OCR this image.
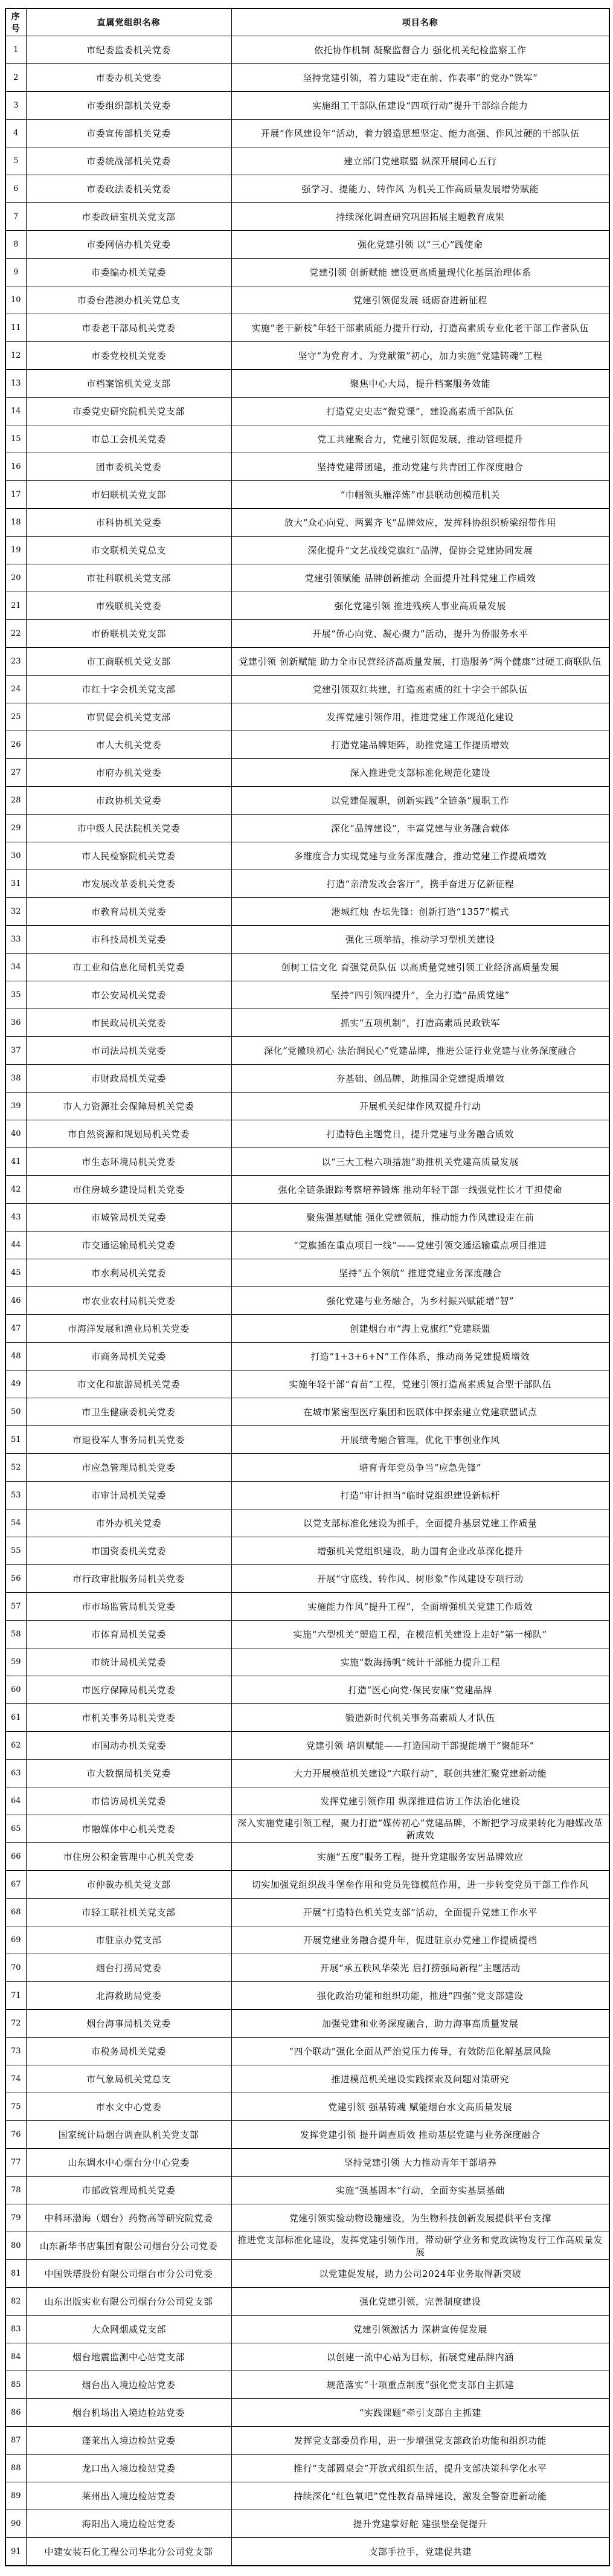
序号	直属党组织名称	项目名称
1	市纪委监委机关党委	依托协作机制 凝聚监督合力 强化机关纪检监察工作
2	市委办机关党委	坚持党建引领，着力建设“走在前、作表率”的党办“铁军”
3	市委组织部机关党委	实施组工干部队伍建设“四项行动”提升干部综合能力
4	市委宣传部机关党委	开展“作风建设年”活动，着力锻造思想坚定、能力高强、作风过硬的干部队伍
5	市委统战部机关党委	建立部门党建联盟 纵深开展同心五行
6	市委政法委机关党委	强学习、提能力、转作风 为机关工作高质量发展增势赋能
7	市委政研室机关党支部	持续深化调查研究巩固拓展主题教育成果
8	市委网信办机关党委	强化党建引领 以“三心”践使命
9	市委编办机关党委	党建引领 创新赋能 建设更高质量现代化基层治理体系
10	市委台港澳办机关党总支	党建引领促发展 砥砺奋进新征程
11	市委老干部局机关党委	实施“老干新枝”年轻干部素质能力提升行动，打造高素质专业化老干部工作者队伍
12	市委党校机关党委	坚守“为党育才、为党献策”初心，加力实施“党建铸魂”工程
13	市档案馆机关党支部	聚焦中心大局，提升档案服务效能
14	市委党史研究院机关党支部	打造党史史志“微党课”，建设高素质干部队伍
15	市总工会机关党委	党工共建聚合力，党建引领促发展，推动管理提升
16	团市委机关党委	坚持党建带团建，推动党建与共青团工作深度融合
17	市妇联机关党支部	“巾帼领头雁淬炼”市县联动创模范机关
18	市科协机关党委	放大“众心向党、两翼齐飞”品牌效应，发挥科协组织桥梁纽带作用
19	市文联机关党总支	深化提升“文艺战线党旗红”品牌，促协会党建协同发展
20	市社科联机关党支部	党建引领赋能 品牌创新推动 全面提升社科党建工作质效
21	市残联机关党委	强化党建引领 推进残疾人事业高质量发展
22	市侨联机关党支部	开展“侨心向党、凝心聚力”活动，提升为侨服务水平
23	市工商联机关党支部	党建引领 创新赋能 助力全市民营经济高质量发展，打造服务“两个健康”过硬工商联队伍
24	市红十字会机关党支部	党建引领双红共建，打造高素质的红十字会干部队伍
25	市贸促会机关党支部	发挥党建引领作用，推进党建工作规范化建设
26	市人大机关党委	打造党建品牌矩阵，助推党建工作提质增效
27	市府办机关党委	深入推进党支部标准化规范化建设
28	市政协机关党委	以党建促履职，创新实践“全链条”履职工作
29	市中级人民法院机关党委	深化“品牌建设”，丰富党建与业务融合载体
30	市人民检察院机关党委	多维度合力实现党建与业务深度融合，推动党建工作提质增效
31	市发展改革委机关党委	打造“亲清发改会客厅”，携手奋进万亿新征程
32	市教育局机关党委	港城红烛 杏坛先锋：创新打造“1357”模式
33	市科技局机关党委	强化三项举措，推动学习型机关建设
34	市工业和信息化局机关党委	创树工信文化 育强党员队伍 以高质量党建引领工业经济高质量发展
35	市公安局机关党委	坚持“四引领四提升”，全力打造“品质党建”
36	市民政局机关党委	抓实“五项机制”，打造高素质民政铁军
37	市司法局机关党委	深化“党徽映初心 法治润民心”党建品牌，推进公证行业党建与业务深度融合
38	市财政局机关党委	夯基础、创品牌，助推国企党建提质增效
39	市人力资源社会保障局机关党委	开展机关纪律作风双提升行动
40	市自然资源和规划局机关党委	打造特色主题党日，提升党建与业务融合质效
41	市生态环境局机关党委	以“三大工程六项措施”助推机关党建高质量发展
42	市住房城乡建设局机关党委	强化全链条跟踪考察培养锻炼 推动年轻干部一线强党性长才干担使命
43	市城管局机关党委	聚焦强基赋能 强化党建领航，推动能力作风建设走在前
44	市交通运输局机关党委	“党旗插在重点项目一线”——党建引领交通运输重点项目推进
45	市水利局机关党委	坚持“五个领航” 推进党建业务深度融合
46	市农业农村局机关党委	强化党建与业务融合，为乡村振兴赋能增“智”
47	市海洋发展和渔业局机关党委	创建烟台市“海上党旗红”党建联盟
48	市商务局机关党委	打造“1+3+6+N”工作体系，推动商务党建提质增效
49	市文化和旅游局机关党委	实施年轻干部“育苗”工程，党建引领打造高素质复合型干部队伍
50	市卫生健康委机关党委	在城市紧密型医疗集团和医联体中探索建立党建联盟试点
51	市退役军人事务局机关党委	开展绩考融合管理，优化干事创业作风
52	市应急管理局机关党委	培育青年党员争当“应急先锋”
53	市审计局机关党委	打造“审计担当”临时党组织建设新标杆
54	市外办机关党委	以党支部标准化建设为抓手，全面提升基层党建工作质量
55	市国资委机关党委	增强机关党组织建设，助力国有企业改革深化提升
56	市行政审批服务局机关党委	开展“守底线、转作风、树形象”作风建设专项行动
57	市市场监管局机关党委	实施能力作风“提升工程”，全面增强机关党建工作质效
58	市体育局机关党委	实施“六型机关”塑造工程，在模范机关建设上走好“第一梯队”
59	市统计局机关党委	实施“数海扬帆”统计干部能力提升工程
60	市医疗保障局机关党委	打造“医心向党·保民安康”党建品牌
61	市机关事务局机关党委	锻造新时代机关事务高素质人才队伍
62	市国动办机关党委	党建引领 培训赋能——打造国动干部提能增干“聚能环”
63	市大数据局机关党委	大力开展模范机关建设“六联行动”，联创共建汇聚党建新动能
64	市信访局机关党委	发挥党建引领作用 纵深推进信访工作法治化建设
65	市融媒体中心机关党委	深入实施党建引领工程，聚力打造“媒传初心”党建品牌，不断把学习成果转化为融媒改革新成效
66	市住房公积金管理中心机关党委	实施“五度”服务工程，提升党建服务安居品牌效应
67	市仲裁办机关党支部	切实加强党组织战斗堡垒作用和党员先锋模范作用，进一步转变党员干部工作作风
68	市轻工联社机关党支部	开展“打造特色机关党支部”活动，全面提升党建工作水平
69	市驻京办党支部	开展党建业务融合提升年，促进驻京办党建工作提质提档
70	烟台打捞局党委	开展“承五秩风华荣光 启打捞强局新程”主题活动
71	北海救助局党委	强化政治功能和组织功能，推进“四强”党支部建设
72	烟台海事局机关党委	加强党建和业务深度融合，助力海事高质量发展
73	市税务局机关党委	“四个联动”强化全面从严治党压力传导，有效防范化解基层风险
74	市气象局机关党总支	推进模范机关建设实践探索及问题对策研究
75	市水文中心党委	党建引领 强基铸魂 赋能烟台水文高质量发展
76	国家统计局烟台调查队机关党支部	发挥党建引领 提升调查质效 推动基层党建与业务深度融合
77	山东调水中心烟台分中心党委	坚持党建引领 大力推动青年干部培养
78	市邮政管理局机关党委	实施“强基固本”行动，全面夯实基层基础
79	中科环渤海（烟台）药物高等研究院党委	党建引领实验动物设施建设，为生物科技创新发展提供平台支撑
80	山东新华书店集团有限公司烟台分公司党委	推进党支部标准化建设，发挥党建引领作用，带动研学业务和党政读物发行工作高质量发展
81	中国铁塔股份有限公司烟台市分公司党委	以党建促发展，助力公司2024年业务取得新突破
82	山东出版实业有限公司烟台分公司党支部	强化党建引领，完善制度建设
83	大众网烟威党支部	党建引领激活力 深耕宣传促发展
84	烟台地震监测中心站党支部	以创建一流中心站为目标，拓展党建品牌内涵
85	烟台出入境边检站党委	规范落实“十项重点制度”强化党支部自主抓建
86	烟台机场出入境边检站党委	“实践课题”牵引支部自主抓建
87	蓬莱出入境边检站党委	发挥党支部委员作用，进一步增强党支部政治功能和组织功能
88	龙口出入境边检站党委	推行“支部圆桌会”开放式组织生活，提升支部决策科学化水平
89	莱州出入境边检站党委	持续深化“红色氧吧”党性教育品牌建设，激发全警奋进新动能
90	海阳出入境边检站党委	提升党建掌好舵 建强堡垒促提升
91	中建安装石化工程公司华北分公司党支部	支部手拉手，党建促共建
